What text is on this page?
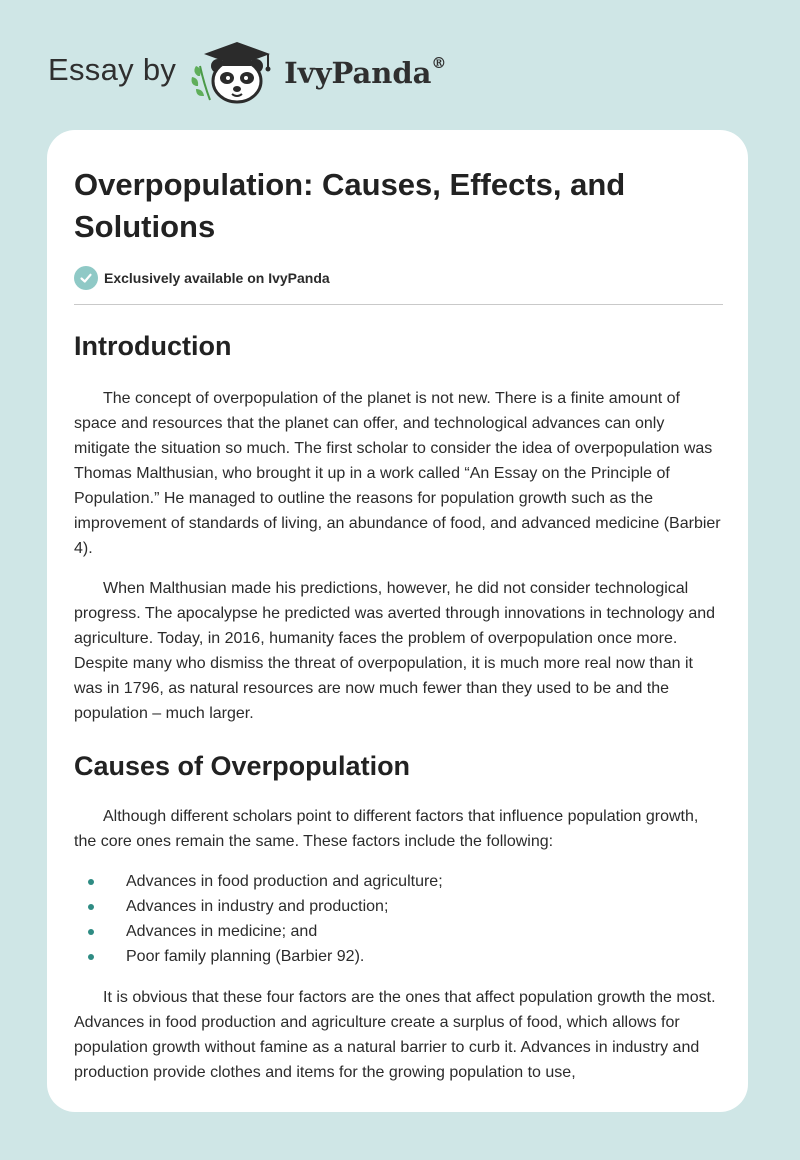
Essay by	IvyPanda®
Overpopulation: Causes, Effects, and Solutions
Exclusively available on IvyPanda
Introduction

The concept of overpopulation of the planet is not new. There is a finite amount of space and resources that the planet can offer, and technological advances can only mitigate the situation so much. The first scholar to consider the idea of overpopulation was Thomas Malthusian, who brought it up in a work called “An Essay on the Principle of Population.” He managed to outline the reasons for population growth such as the improvement of standards of living, an abundance of food, and advanced medicine (Barbier 4).

When Malthusian made his predictions, however, he did not consider technological progress. The apocalypse he predicted was averted through innovations in technology and agriculture. Today, in 2016, humanity faces the problem of overpopulation once more. Despite many who dismiss the threat of overpopulation, it is much more real now than it was in 1796, as natural resources are now much fewer than they used to be and the population – much larger.

Causes of Overpopulation

Although different scholars point to different factors that influence population growth, the core ones remain the same. These factors include the following:

Advances in food production and agriculture;
Advances in industry and production;
Advances in medicine; and
Poor family planning (Barbier 92).

It is obvious that these four factors are the ones that affect population growth the most. Advances in food production and agriculture create a surplus of food, which allows for population growth without famine as a natural barrier to curb it. Advances in industry and production provide clothes and items for the growing population to use,
